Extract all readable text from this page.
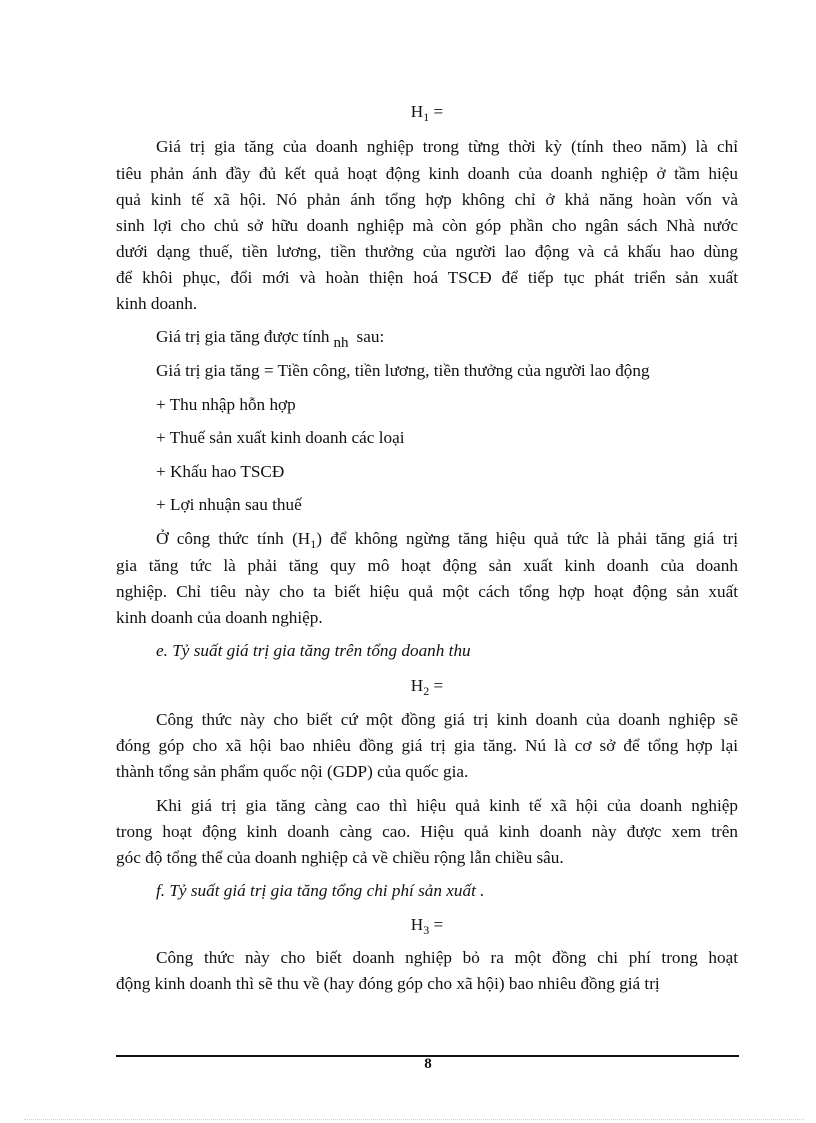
$H_1$ =
Giá trị gia tăng của doanh nghiệp trong từng thời kỳ (tính theo năm) là chỉ
tiêu phản ánh đầy đủ kết quả hoạt động kinh doanh của doanh nghiệp ở tầm hiệu
quả kinh tế xã hội. Nó phản ánh tổng hợp không chỉ ở khả năng hoàn vốn và
sinh lợi cho chủ sở hữu doanh nghiệp mà còn góp phần cho ngân sách Nhà nước
dưới dạng thuế, tiền lương, tiền thưởng của người lao động và cả khấu hao dùng
để khôi phục, đổi mới và hoàn thiện hoá TSCĐ để tiếp tục phát triển sản xuất
kinh doanh.
Giá trị gia tăng được tính nh sau:
Giá trị gia tăng = Tiền công, tiền lương, tiền thưởng của người lao động
+ Thu nhập hỗn hợp
+ Thuế sản xuất kinh doanh các loại
+ Khấu hao TSCĐ
+ Lợi nhuận sau thuế
Ở công thức tính $(H_1)$ để không ngừng tăng hiệu quả tức là phải tăng giá trị
gia tăng tức là phải tăng quy mô hoạt động sản xuất kinh doanh của doanh
nghiệp. Chỉ tiêu này cho ta biết hiệu quả một cách tổng hợp hoạt động sản xuất
kinh doanh của doanh nghiệp.
e. Tỷ suất giá trị gia tăng trên tổng doanh thu
$H_2$ =
Công thức này cho biết cứ một đồng giá trị kinh doanh của doanh nghiệp sẽ
đóng góp cho xã hội bao nhiêu đồng giá trị gia tăng. Nú là cơ sở để tổng hợp lại
thành tổng sản phẩm quốc nội (GDP) của quốc gia.
Khi giá trị gia tăng càng cao thì hiệu quả kinh tế xã hội của doanh nghiệp
trong hoạt động kinh doanh càng cao. Hiệu quả kinh doanh này được xem trên
góc độ tổng thể của doanh nghiệp cả về chiều rộng lẫn chiều sâu.
f. Tỷ suất giá trị gia tăng tổng chi phí sản xuất .
$H_3$ =
Công thức này cho biết doanh nghiệp bỏ ra một đồng chi phí trong hoạt
động kinh doanh thì sẽ thu về (hay đóng góp cho xã hội) bao nhiêu đồng giá trị
8
